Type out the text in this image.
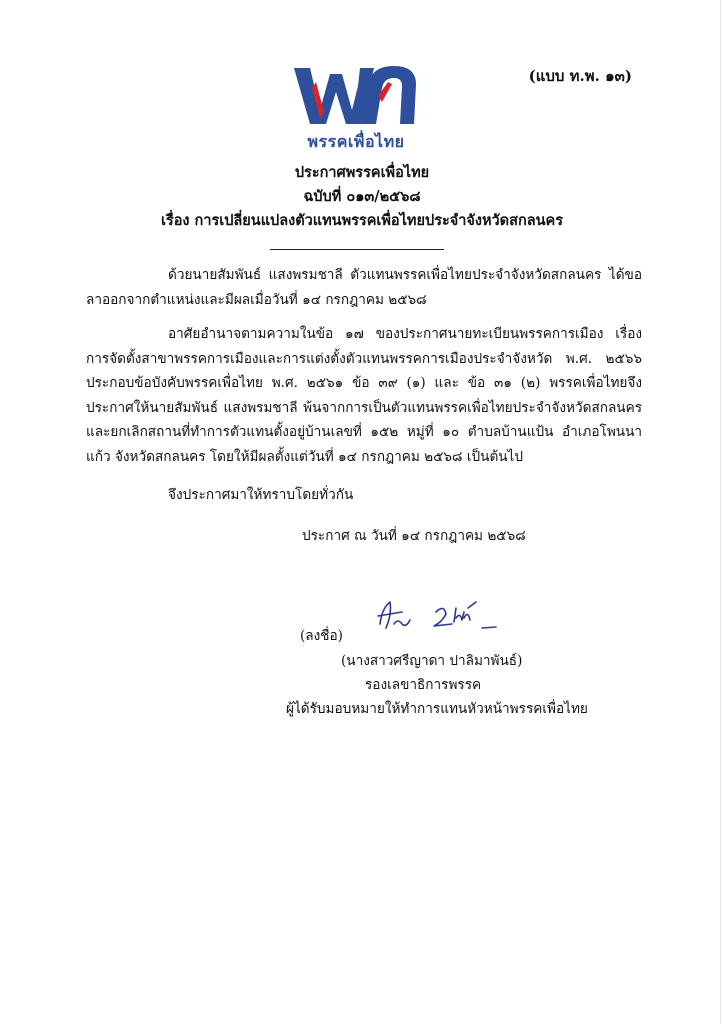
(แบบ ท.พ. ๑๓)
พรรคเพื่อไทย
ประกาศพรรคเพื่อไทย
ฉบับที่ ๐๑๓/๒๕๖๘
เรื่อง การเปลี่ยนแปลงตัวแทนพรรคเพื่อไทยประจำจังหวัดสกลนคร

ด้วยนายสัมพันธ์ แสงพรมชาลี ตัวแทนพรรคเพื่อไทยประจำจังหวัดสกลนคร ได้ขอลาออกจากตำแหน่งและมีผลเมื่อวันที่ ๑๔ กรกฎาคม ๒๕๖๘

อาศัยอำนาจตามความในข้อ ๑๗ ของประกาศนายทะเบียนพรรคการเมือง เรื่อง การจัดตั้งสาขาพรรคการเมืองและการแต่งตั้งตัวแทนพรรคการเมืองประจำจังหวัด พ.ศ. ๒๕๖๖ ประกอบข้อบังคับพรรคเพื่อไทย พ.ศ. ๒๕๖๑ ข้อ ๓๙ (๑) และ ข้อ ๓๑ (๒) พรรคเพื่อไทยจึงประกาศให้นายสัมพันธ์ แสงพรมชาลี พ้นจากการเป็นตัวแทนพรรคเพื่อไทยประจำจังหวัดสกลนครและยกเลิกสถานที่ทำการตัวแทนตั้งอยู่บ้านเลขที่ ๑๕๒ หมู่ที่ ๑๐ ตำบลบ้านแป้น อำเภอโพนนาแก้ว จังหวัดสกลนคร โดยให้มีผลตั้งแต่วันที่ ๑๔ กรกฎาคม ๒๕๖๘ เป็นต้นไป

จึงประกาศมาให้ทราบโดยทั่วกัน

ประกาศ ณ วันที่ ๑๔ กรกฎาคม ๒๕๖๘
(ลงชื่อ)
(นางสาวศรีญาดา ปาลิมาพันธ์)
รองเลขาธิการพรรค
ผู้ได้รับมอบหมายให้ทำการแทนหัวหน้าพรรคเพื่อไทย
